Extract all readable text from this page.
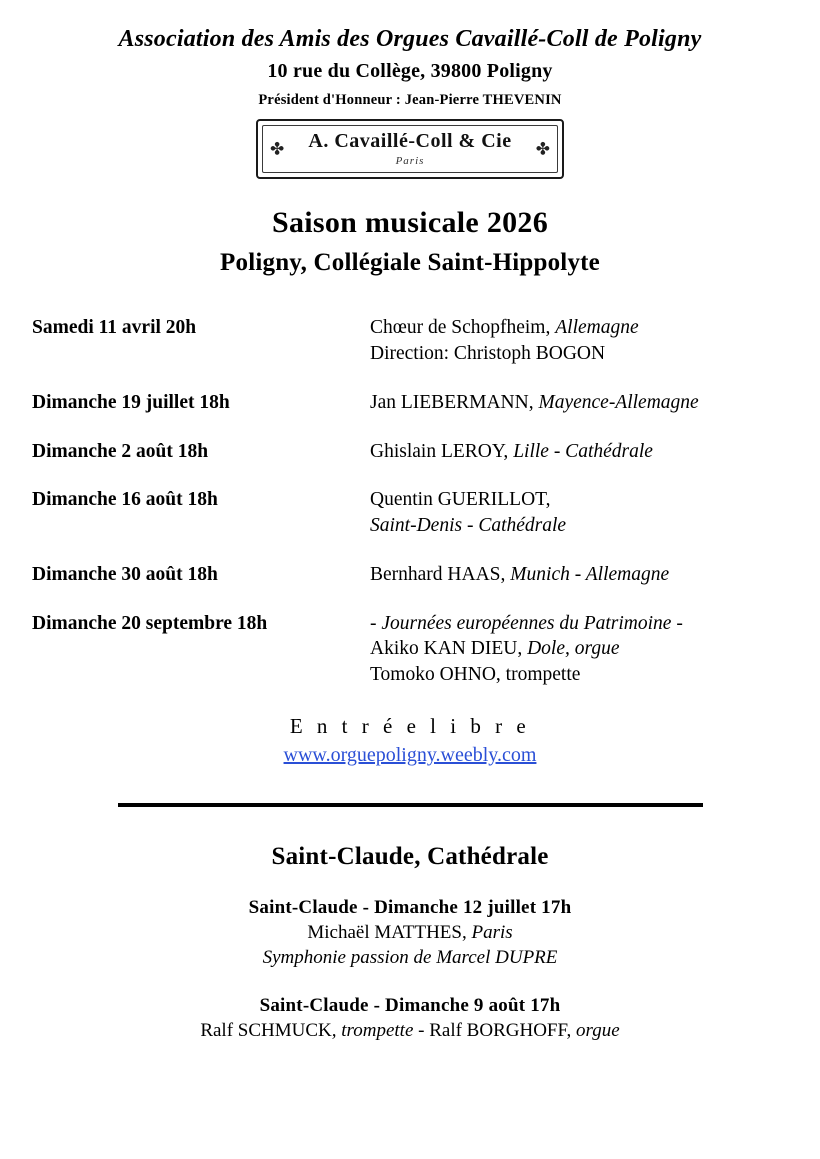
Association des Amis des Orgues Cavaillé-Coll de Poligny
10 rue du Collège, 39800 Poligny
Président d'Honneur : Jean-Pierre THEVENIN
✤	✤
A. Cavaillé-Coll & Cie
Paris
Saison musicale 2026
Poligny, Collégiale Saint-Hippolyte
Samedi 11 avril 20h	Chœur de Schopfheim, Allemagne
Direction: Christoph BOGON
Dimanche 19 juillet 18h	Jan LIEBERMANN, Mayence-Allemagne
Dimanche 2 août 18h	Ghislain LEROY, Lille - Cathédrale
Dimanche 16 août 18h	Quentin GUERILLOT,
Saint-Denis - Cathédrale
Dimanche 30 août 18h	Bernhard HAAS, Munich - Allemagne
Dimanche 20 septembre 18h	- Journées européennes du Patrimoine -
Akiko KAN DIEU, Dole, orgue
Tomoko OHNO, trompette
E n t r é e l i b r e
www.orguepoligny.weebly.com
Saint-Claude, Cathédrale
Saint-Claude - Dimanche 12 juillet 17h
Michaël MATTHES, Paris
Symphonie passion de Marcel DUPRE
Saint-Claude - Dimanche 9 août 17h
Ralf SCHMUCK, trompette - Ralf BORGHOFF, orgue
